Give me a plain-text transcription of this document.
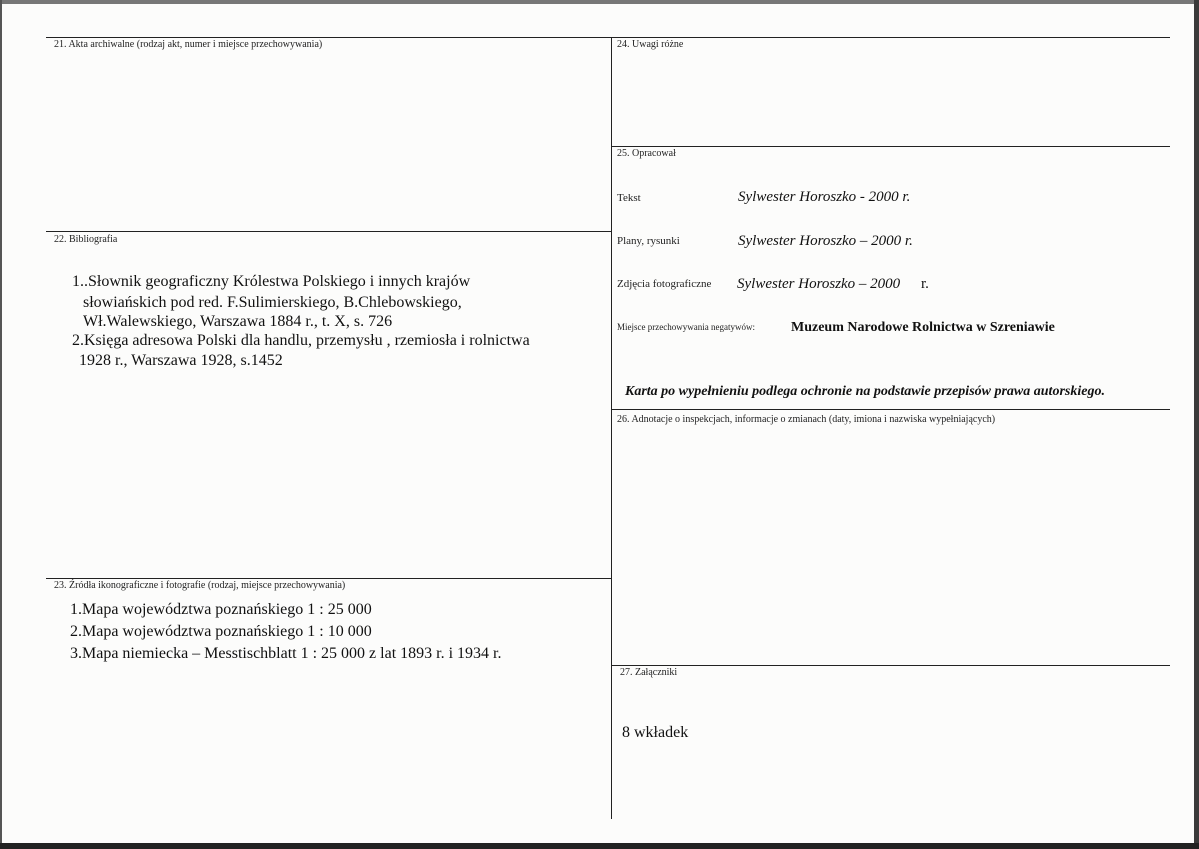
21. Akta archiwalne (rodzaj akt, numer i miejsce przechowywania)
22. Bibliografia
1..Słownik geograficzny Królestwa Polskiego i innych krajów
słowiańskich pod red. F.Sulimierskiego, B.Chlebowskiego,
Wł.Walewskiego, Warszawa 1884 r., t. X, s. 726
2.Księga adresowa Polski dla handlu, przemysłu , rzemiosła i rolnictwa
1928 r., Warszawa 1928, s.1452
23. Źródła ikonograficzne i fotografie (rodzaj, miejsce przechowywania)
1.Mapa województwa poznańskiego 1 : 25 000
2.Mapa województwa poznańskiego 1 : 10 000
3.Mapa niemiecka – Messtischblatt 1 : 25 000 z lat 1893 r. i 1934 r.
24. Uwagi różne
25. Opracował
Tekst	Sylwester Horoszko - 2000 r.
Plany, rysunki	Sylwester Horoszko – 2000 r.
Zdjęcia fotograficzne Sylwester Horoszko – 2000 r.
Miejsce przechowywania negatywów:	Muzeum Narodowe Rolnictwa w Szreniawie
Karta po wypełnieniu podlega ochronie na podstawie przepisów prawa autorskiego.
26. Adnotacje o inspekcjach, informacje o zmianach (daty, imiona i nazwiska wypełniających)
27. Załączniki
8 wkładek
